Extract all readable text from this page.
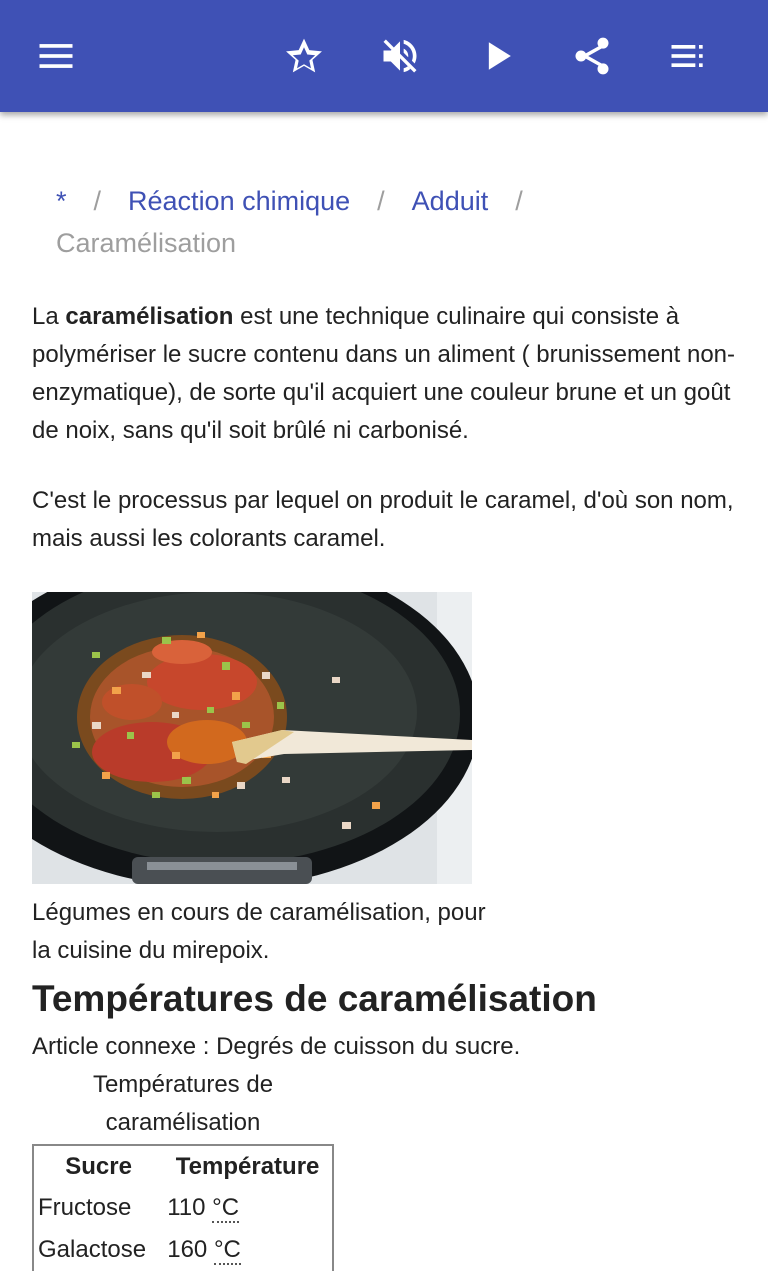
* / Réaction chimique / Adduit /
Caramélisation

La caramélisation est une technique culinaire qui consiste à polymériser le sucre contenu dans un aliment ( brunissement non-enzymatique), de sorte qu'il acquiert une couleur brune et un goût de noix, sans qu'il soit brûlé ni carbonisé.

C'est le processus par lequel on produit le caramel, d'où son nom, mais aussi les colorants caramel.

Légumes en cours de caramélisation, pour la cuisine du mirepoix.

Températures de caramélisation

Article connexe : Degrés de cuisson du sucre.

Températures de caramélisation
Sucre	Température
Fructose	110 °C
Galactose	160 °C
